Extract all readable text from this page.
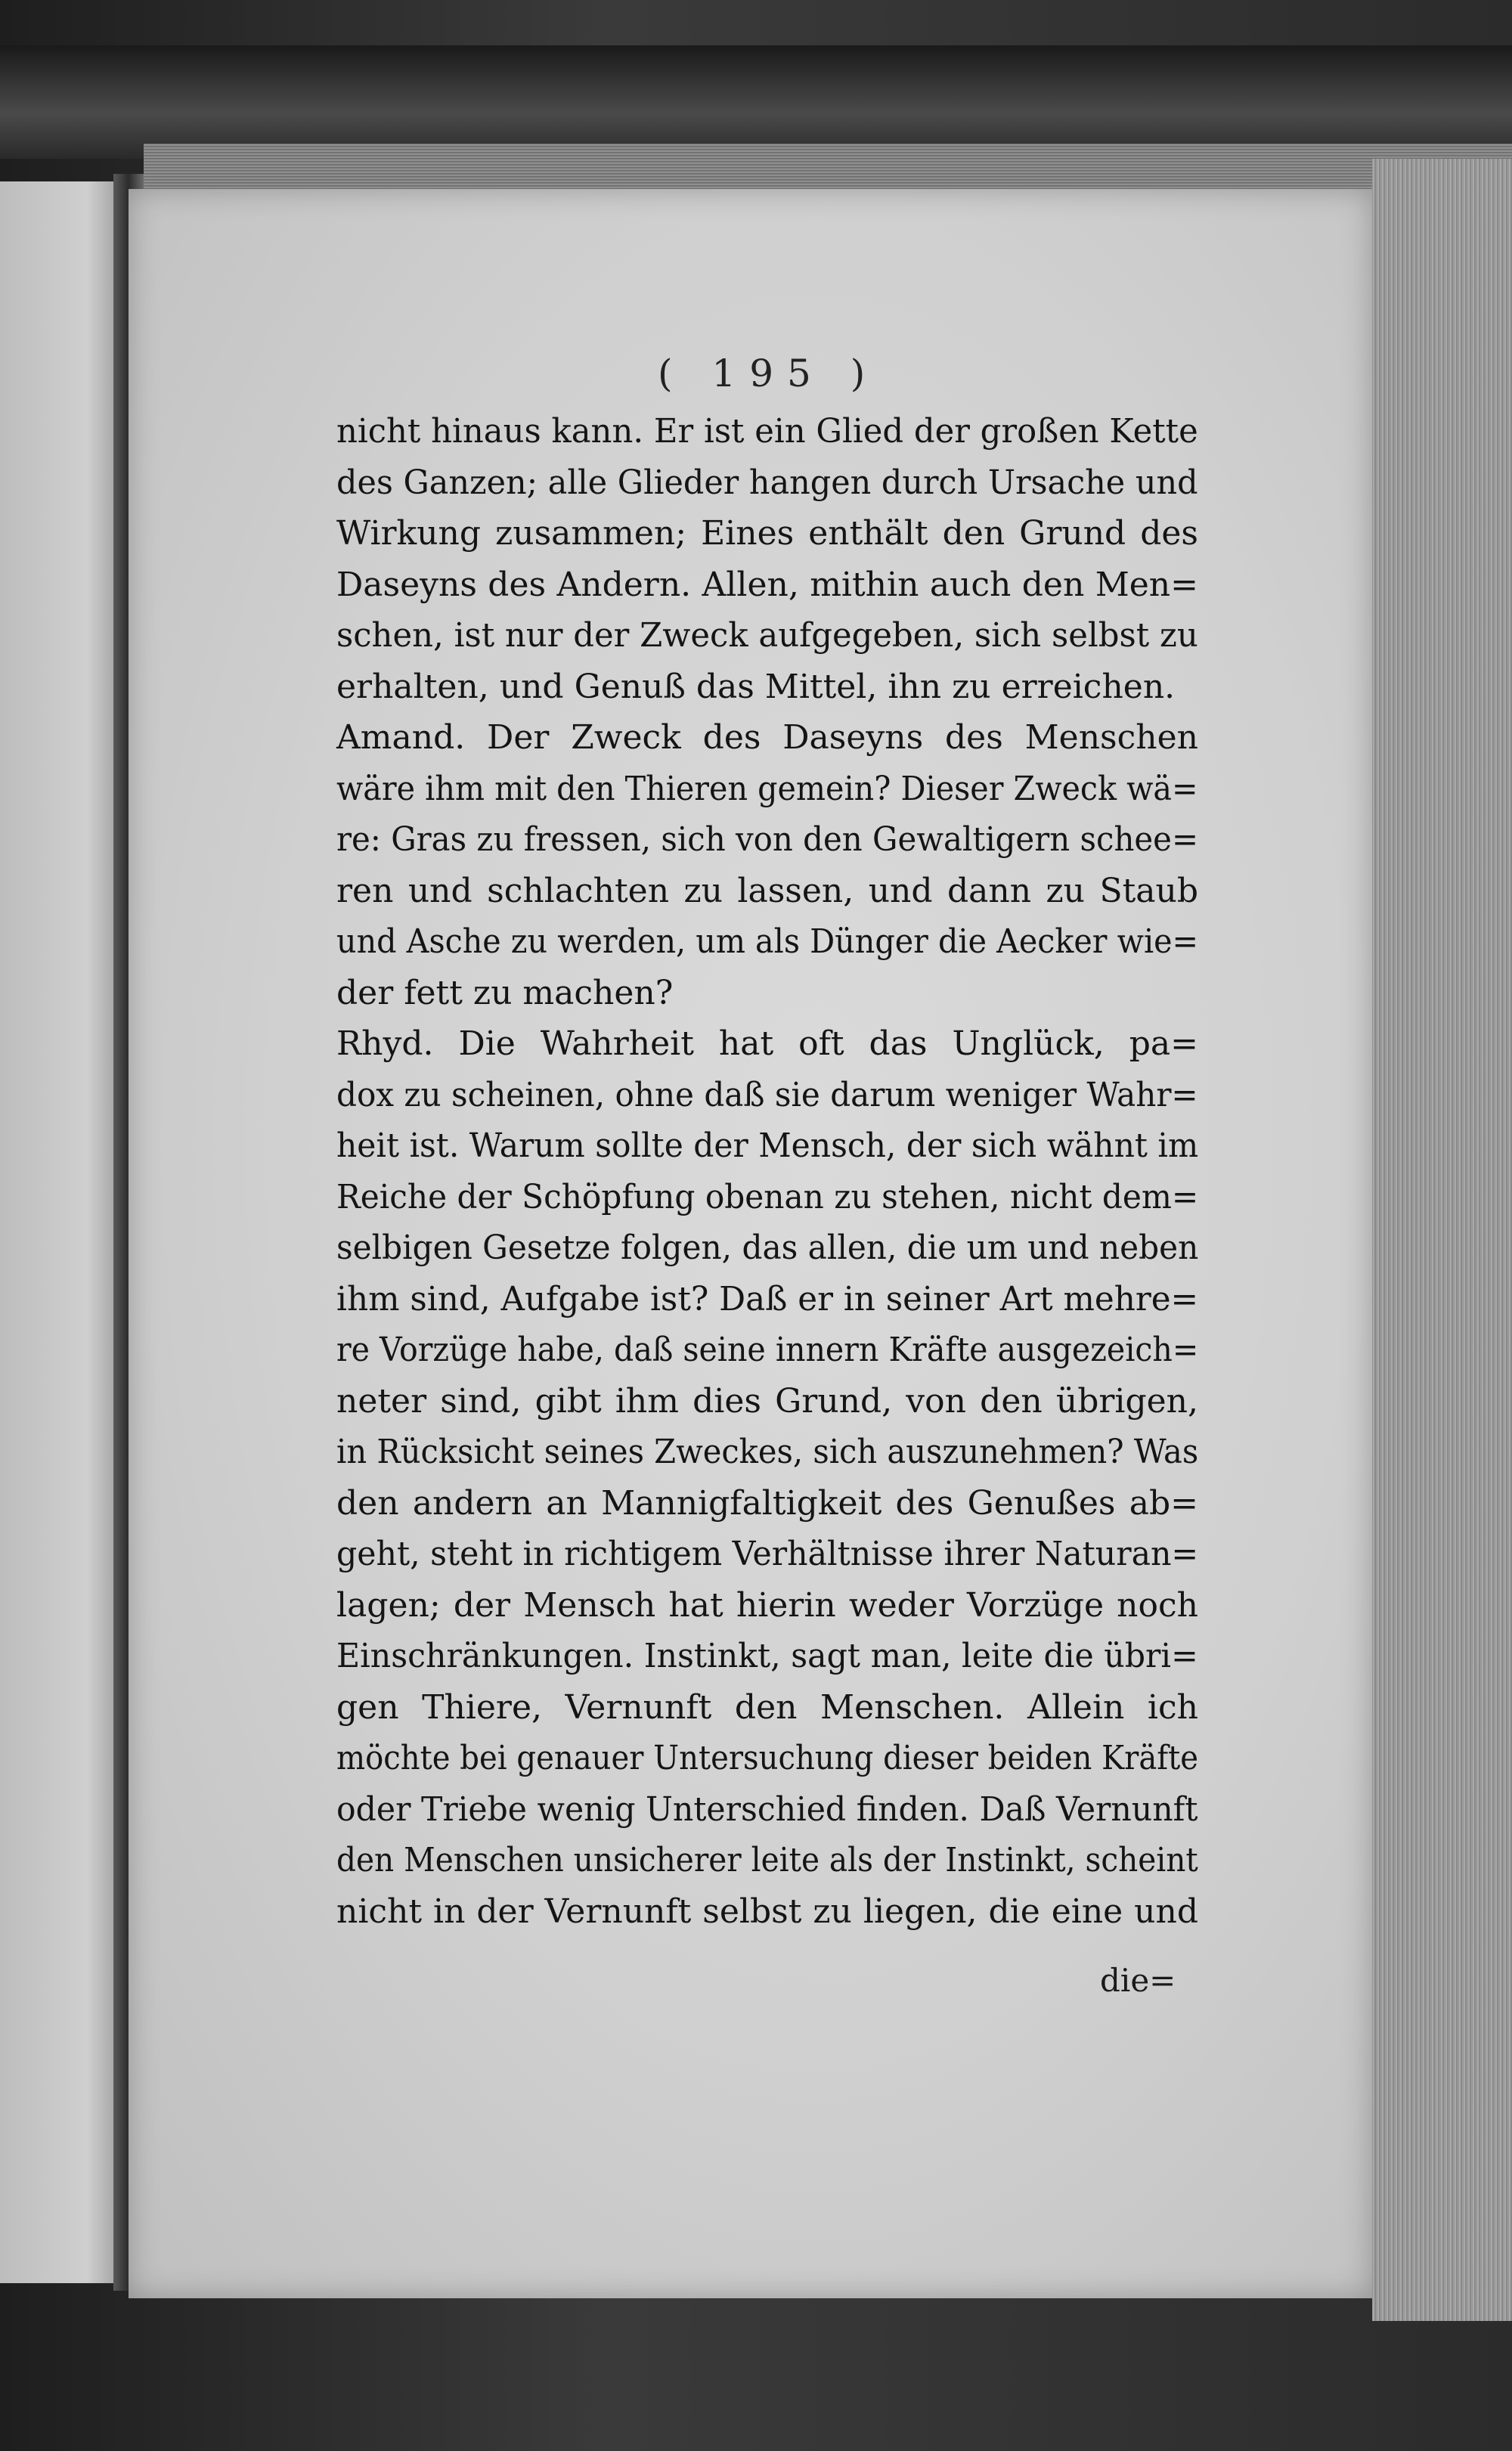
( 195 )
nicht hinaus kann. Er ist ein Glied der großen Kette
des Ganzen; alle Glieder hangen durch Ursache und
Wirkung zusammen; Eines enthält den Grund des
Daseyns des Andern. Allen, mithin auch den Men=
schen, ist nur der Zweck aufgegeben, sich selbst zu
erhalten, und Genuß das Mittel, ihn zu erreichen.
Amand. Der Zweck des Daseyns des Menschen
wäre ihm mit den Thieren gemein? Dieser Zweck wä=
re: Gras zu fressen, sich von den Gewaltigern schee=
ren und schlachten zu lassen, und dann zu Staub
und Asche zu werden, um als Dünger die Aecker wie=
der fett zu machen?
Rhyd. Die Wahrheit hat oft das Unglück, pa=
dox zu scheinen, ohne daß sie darum weniger Wahr=
heit ist. Warum sollte der Mensch, der sich wähnt im
Reiche der Schöpfung obenan zu stehen, nicht dem=
selbigen Gesetze folgen, das allen, die um und neben
ihm sind, Aufgabe ist? Daß er in seiner Art mehre=
re Vorzüge habe, daß seine innern Kräfte ausgezeich=
neter sind, gibt ihm dies Grund, von den übrigen,
in Rücksicht seines Zweckes, sich auszunehmen? Was
den andern an Mannigfaltigkeit des Genußes ab=
geht, steht in richtigem Verhältnisse ihrer Naturan=
lagen; der Mensch hat hierin weder Vorzüge noch
Einschränkungen. Instinkt, sagt man, leite die übri=
gen Thiere, Vernunft den Menschen. Allein ich
möchte bei genauer Untersuchung dieser beiden Kräfte
oder Triebe wenig Unterschied finden. Daß Vernunft
den Menschen unsicherer leite als der Instinkt, scheint
nicht in der Vernunft selbst zu liegen, die eine und
die=
